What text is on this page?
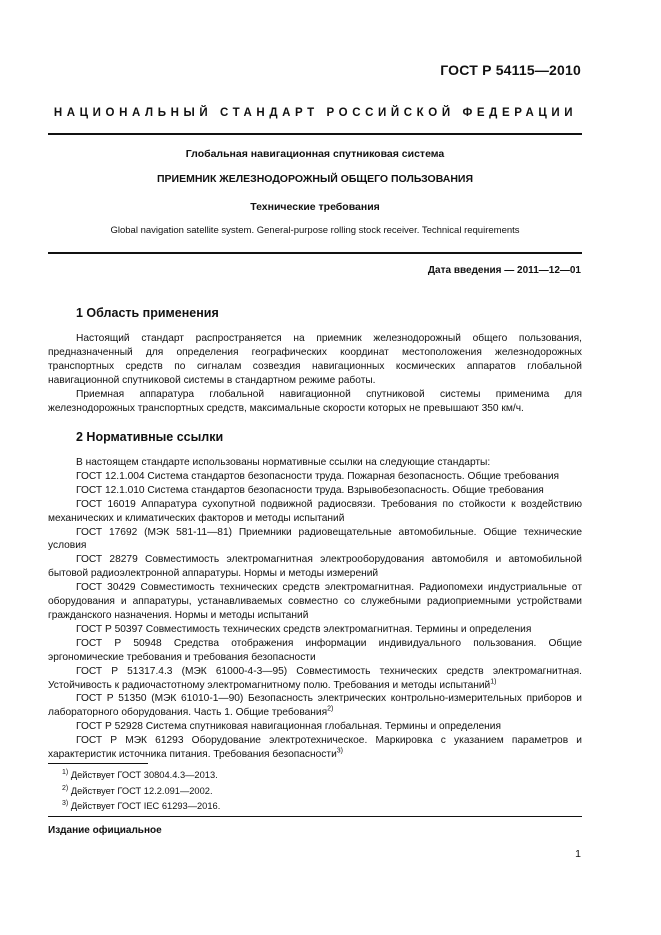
ГОСТ Р 54115—2010
НАЦИОНАЛЬНЫЙ СТАНДАРТ РОССИЙСКОЙ ФЕДЕРАЦИИ
Глобальная навигационная спутниковая система
ПРИЕМНИК ЖЕЛЕЗНОДОРОЖНЫЙ ОБЩЕГО ПОЛЬЗОВАНИЯ
Технические требования
Global navigation satellite system. General-purpose rolling stock receiver. Technical requirements
Дата введения — 2011—12—01
1 Область применения

Настоящий стандарт распространяется на приемник железнодорожный общего пользования, предназначенный для определения географических координат местоположения железнодорожных транспортных средств по сигналам созвездия навигационных космических аппаратов глобальной навигационной спутниковой системы в стандартном режиме работы.

Приемная аппаратура глобальной навигационной спутниковой системы применима для железнодорожных транспортных средств, максимальные скорости которых не превышают 350 км/ч.

2 Нормативные ссылки

В настоящем стандарте использованы нормативные ссылки на следующие стандарты:

ГОСТ 12.1.004 Система стандартов безопасности труда. Пожарная безопасность. Общие требования

ГОСТ 12.1.010 Система стандартов безопасности труда. Взрывобезопасность. Общие требования

ГОСТ 16019 Аппаратура сухопутной подвижной радиосвязи. Требования по стойкости к воздействию механических и климатических факторов и методы испытаний

ГОСТ 17692 (МЭК 581-11—81) Приемники радиовещательные автомобильные. Общие технические условия

ГОСТ 28279 Совместимость электромагнитная электрооборудования автомобиля и автомобильной бытовой радиоэлектронной аппаратуры. Нормы и методы измерений

ГОСТ 30429 Совместимость технических средств электромагнитная. Радиопомехи индустриальные от оборудования и аппаратуры, устанавливаемых совместно со служебными радиоприемными устройствами гражданского назначения. Нормы и методы испытаний

ГОСТ Р 50397 Совместимость технических средств электромагнитная. Термины и определения

ГОСТ Р 50948 Средства отображения информации индивидуального пользования. Общие эргономические требования и требования безопасности

ГОСТ Р 51317.4.3 (МЭК 61000-4-3—95) Совместимость технических средств электромагнитная. Устойчивость к радиочастотному электромагнитному полю. Требования и методы испытаний$^{1)}$

ГОСТ Р 51350 (МЭК 61010-1—90) Безопасность электрических контрольно-измерительных приборов и лабораторного оборудования. Часть 1. Общие требования$^{2)}$

ГОСТ Р 52928 Система спутниковая навигационная глобальная. Термины и определения

ГОСТ Р МЭК 61293 Оборудование электротехническое. Маркировка с указанием параметров и характеристик источника питания. Требования безопасности$^{3)}$

$^{1)}$ Действует ГОСТ 30804.4.3—2013.
$^{2)}$ Действует ГОСТ 12.2.091—2002.
$^{3)}$ Действует ГОСТ IEC 61293—2016.
Издание официальное
1
